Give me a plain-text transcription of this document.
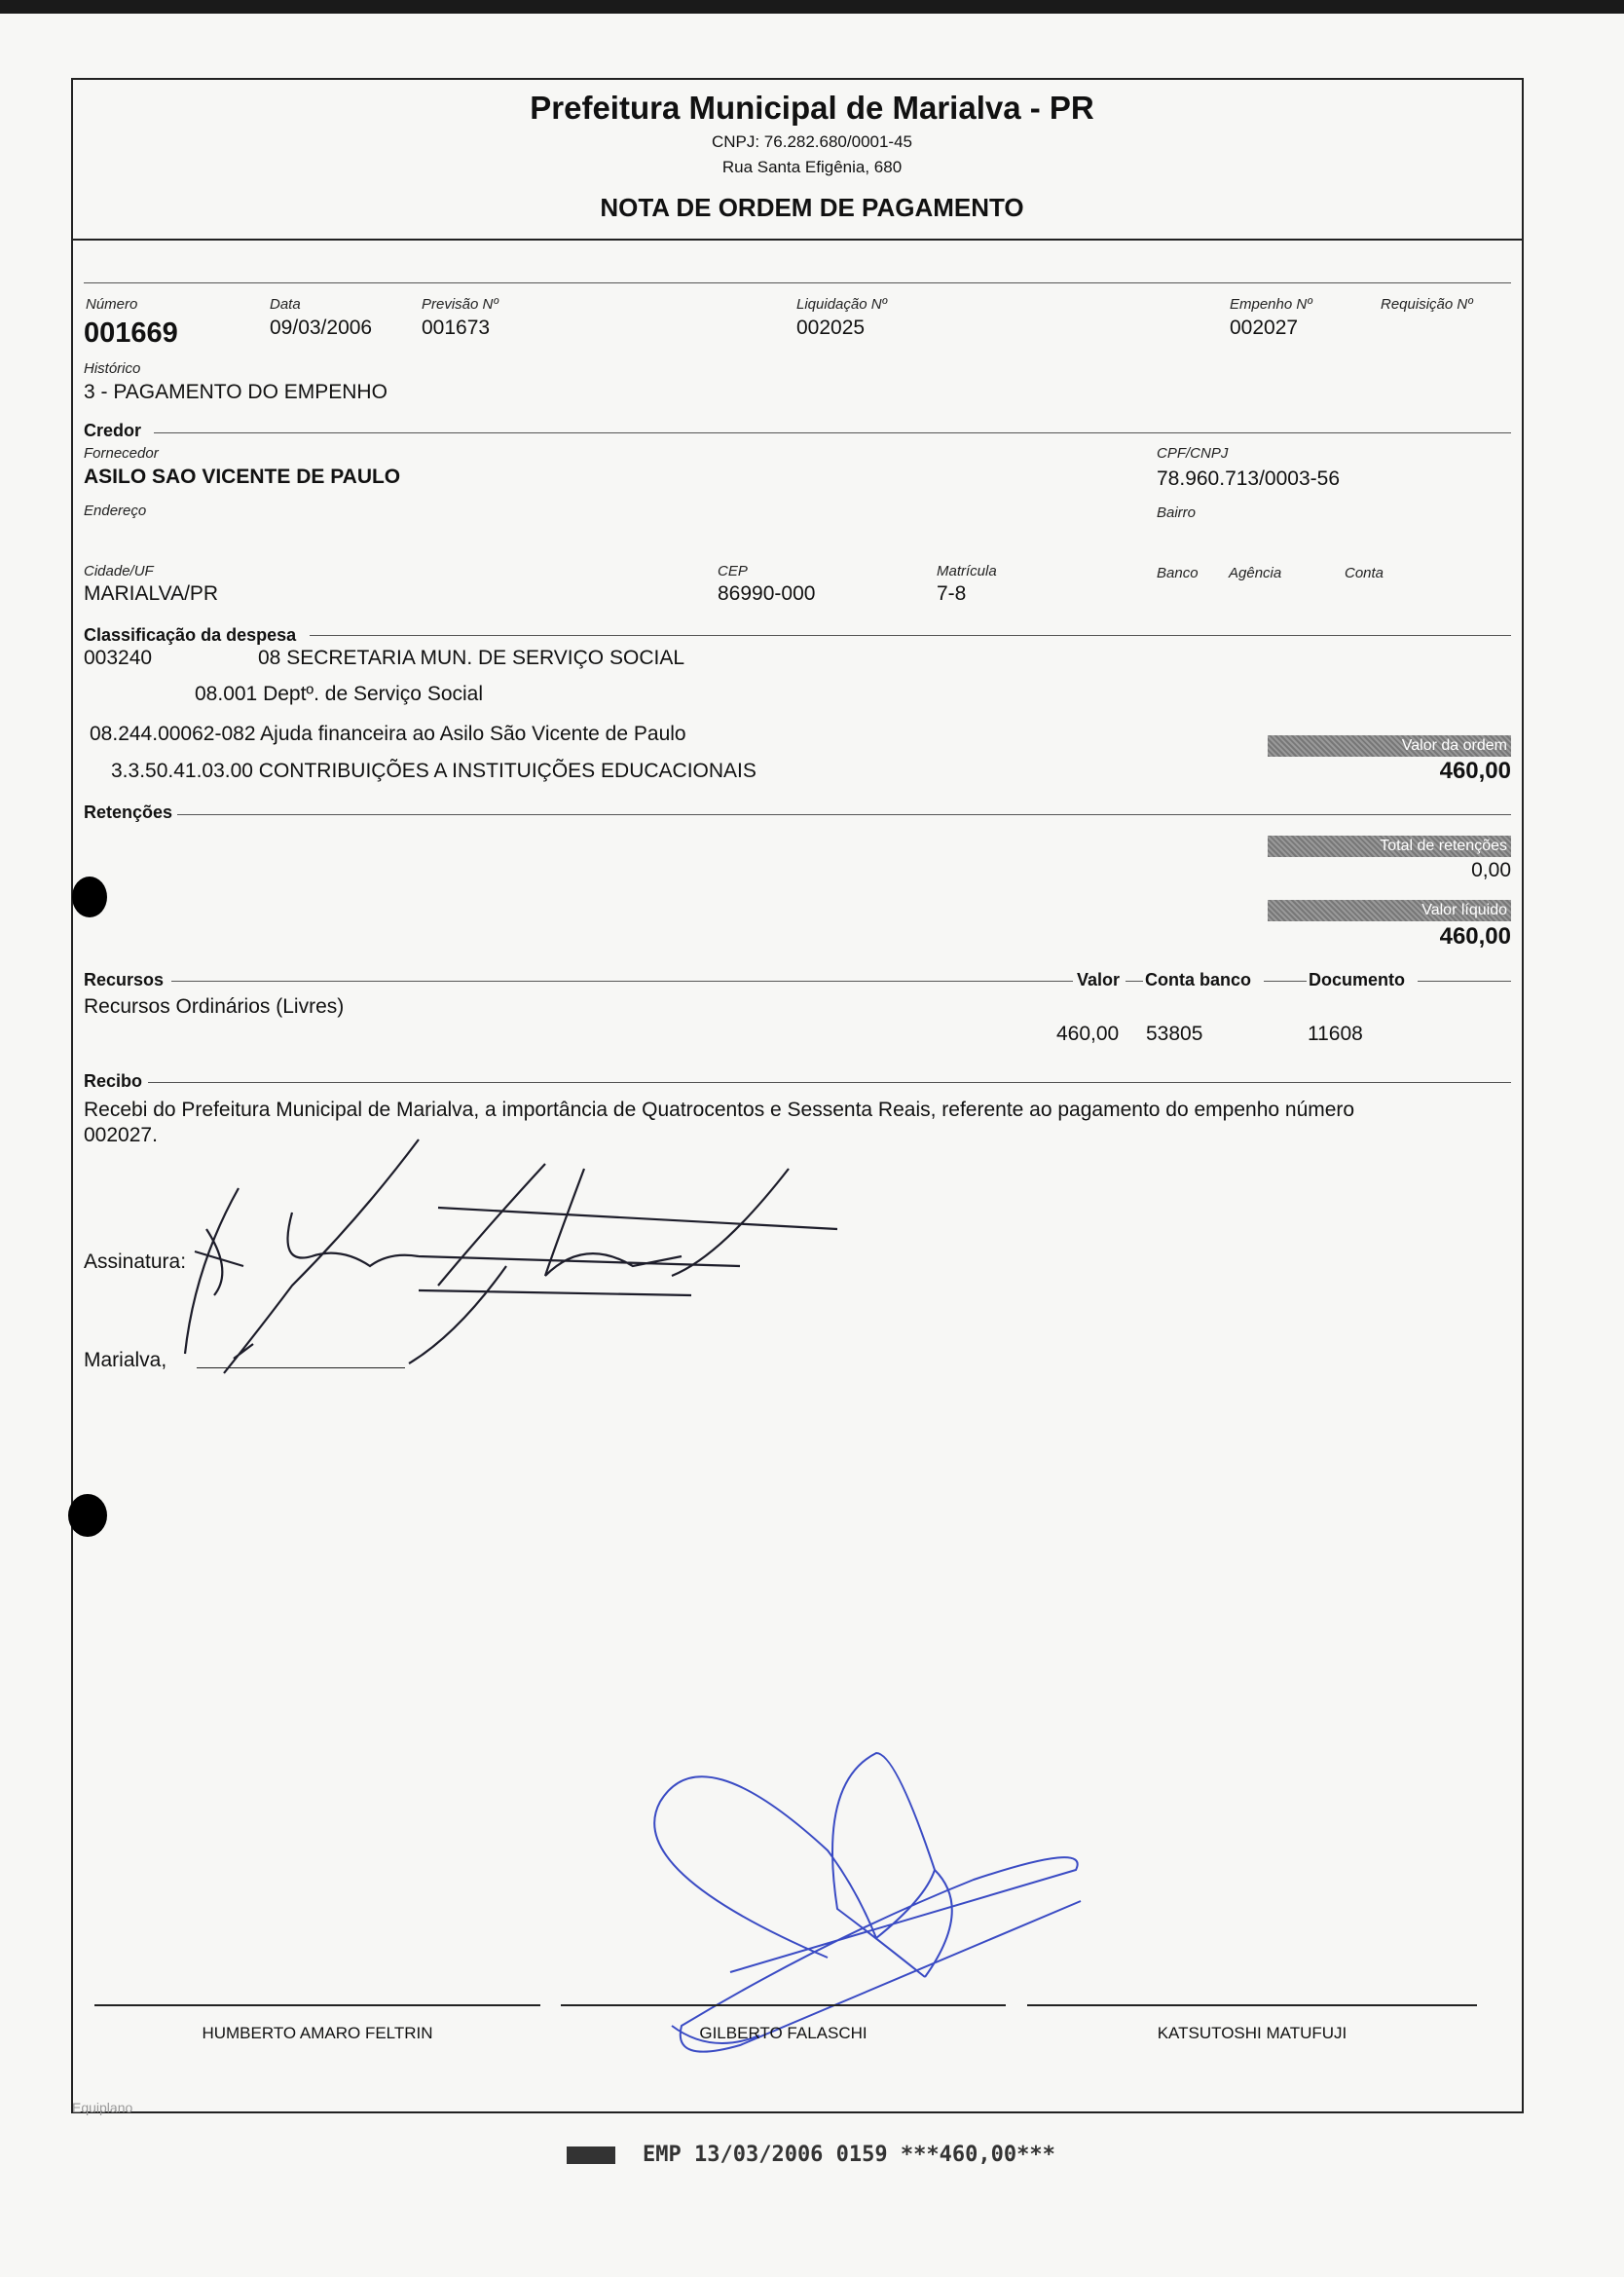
Prefeitura Municipal de Marialva - PR
CNPJ: 76.282.680/0001-45
Rua Santa Efigênia, 680
NOTA DE ORDEM DE PAGAMENTO
Número
001669
Data
09/03/2006
Previsão Nº
001673
Liquidação Nº
002025
Empenho Nº
002027
Requisição Nº
Histórico
3 - PAGAMENTO DO EMPENHO
Credor
Fornecedor
ASILO SAO VICENTE DE PAULO
CPF/CNPJ
78.960.713/0003-56
Endereço	Bairro
Cidade/UF
MARIALVA/PR
CEP
86990-000
Matrícula
7-8
Banco Agência	Conta
Classificação da despesa
003240	08 SECRETARIA MUN. DE SERVIÇO SOCIAL
08.001 Deptº. de Serviço Social
08.244.00062-082 Ajuda financeira ao Asilo São Vicente de Paulo
3.3.50.41.03.00 CONTRIBUIÇÕES A INSTITUIÇÕES EDUCACIONAIS
Valor da ordem
460,00
Retenções
Total de retenções
0,00
Valor líquido
460,00
Recursos	Valor Conta banco	Documento
Recursos Ordinários (Livres)
460,00 53805	11608
Recibo
Recebi do Prefeitura Municipal de Marialva, a importância de Quatrocentos e Sessenta Reais, referente ao pagamento do empenho número
002027.
Assinatura:
Marialva,
HUMBERTO AMARO FELTRIN	GILBERTO FALASCHI	KATSUTOSHI MATUFUJI
Equiplano
EMP 13/03/2006 0159 ***460,00***
